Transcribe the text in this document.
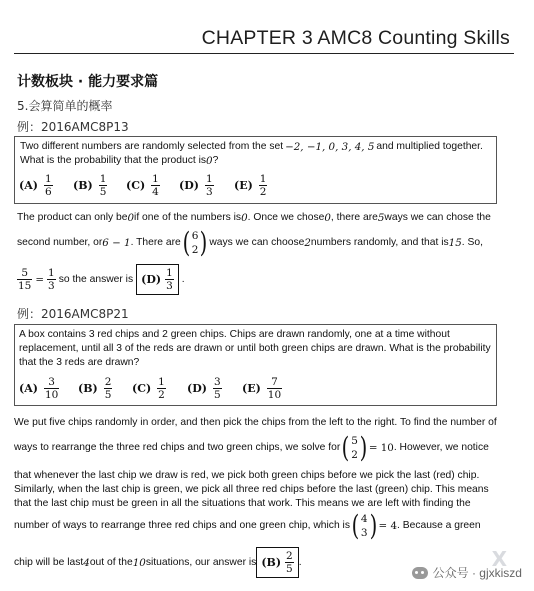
CHAPTER 3 AMC8 Counting Skills
计数板块 · 能力要求篇
5.会算简单的概率
例：2016AMC8P13
Two different numbers are randomly selected from the set −2, −1, 0, 3, 4, 5 and multiplied together.
What is the probability that the product is 0 ?
$(A) \frac{1}{6} (B) \frac{1}{5} (C) \frac{1}{4} (D) \frac{1}{3} (E) \frac{1}{2}$
The product can only be 0 if one of the numbers is 0 . Once we chose 0 , there are 5 ways we can chose the
second number, or 6 − 1 . There are ( 6
2 ) ways we can choose 2 numbers randomly, and that is 15 . So,
$\frac{5}{15} = \frac{1}{3}$ so the answer is $(D) \frac{1}{3}$ .
例：2016AMC8P21
A box contains 3 red chips and 2 green chips. Chips are drawn randomly, one at a time without
replacement, until all 3 of the reds are drawn or until both green chips are drawn. What is the probability
that the 3 reds are drawn?
$(A) \frac{3}{10} (B) \frac{2}{5} (C) \frac{1}{2} (D) \frac{3}{5} (E) \frac{7}{10}$
We put five chips randomly in order, and then pick the chips from the left to the right. To find the number of
ways to rearrange the three red chips and two green chips, we solve for ( 5
2 ) = 10 . However, we notice
that whenever the last chip we draw is red, we pick both green chips before we pick the last (red) chip.
Similarly, when the last chip is green, we pick all three red chips before the last (green) chip. This means
that the last chip must be green in all the situations that work. This means we are left with finding the
number of ways to rearrange three red chips and one green chip, which is ( 4
3 ) = 4 . Because a green
chip will be last 4 out of the 10 situations, our answer is $(B) \frac{2}{5}$ .	X
公众号 · gjxkiszd
